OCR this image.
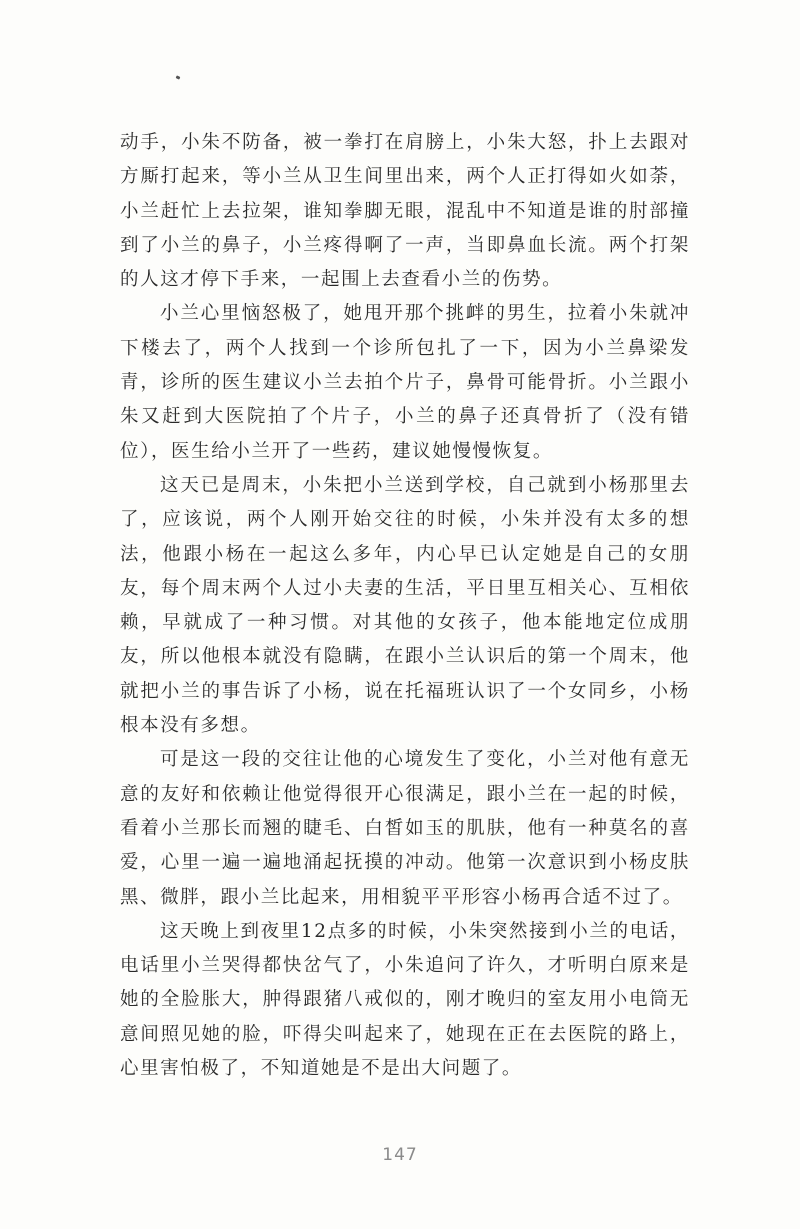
动手，小朱不防备，被一拳打在肩膀上，小朱大怒，扑上去跟对方厮打起来，等小兰从卫生间里出来，两个人正打得如火如荼，小兰赶忙上去拉架，谁知拳脚无眼，混乱中不知道是谁的肘部撞到了小兰的鼻子，小兰疼得啊了一声，当即鼻血长流。两个打架的人这才停下手来，一起围上去查看小兰的伤势。

小兰心里恼怒极了，她甩开那个挑衅的男生，拉着小朱就冲下楼去了，两个人找到一个诊所包扎了一下，因为小兰鼻梁发青，诊所的医生建议小兰去拍个片子，鼻骨可能骨折。小兰跟小朱又赶到大医院拍了个片子，小兰的鼻子还真骨折了（没有错位），医生给小兰开了一些药，建议她慢慢恢复。

这天已是周末，小朱把小兰送到学校，自己就到小杨那里去了，应该说，两个人刚开始交往的时候，小朱并没有太多的想法，他跟小杨在一起这么多年，内心早已认定她是自己的女朋友，每个周末两个人过小夫妻的生活，平日里互相关心、互相依赖，早就成了一种习惯。对其他的女孩子，他本能地定位成朋友，所以他根本就没有隐瞒，在跟小兰认识后的第一个周末，他就把小兰的事告诉了小杨，说在托福班认识了一个女同乡，小杨根本没有多想。

可是这一段的交往让他的心境发生了变化，小兰对他有意无意的友好和依赖让他觉得很开心很满足，跟小兰在一起的时候，看着小兰那长而翘的睫毛、白皙如玉的肌肤，他有一种莫名的喜爱，心里一遍一遍地涌起抚摸的冲动。他第一次意识到小杨皮肤黑、微胖，跟小兰比起来，用相貌平平形容小杨再合适不过了。

这天晚上到夜里12点多的时候，小朱突然接到小兰的电话，电话里小兰哭得都快岔气了，小朱追问了许久，才听明白原来是她的全脸胀大，肿得跟猪八戒似的，刚才晚归的室友用小电筒无意间照见她的脸，吓得尖叫起来了，她现在正在去医院的路上，心里害怕极了，不知道她是不是出大问题了。

147
